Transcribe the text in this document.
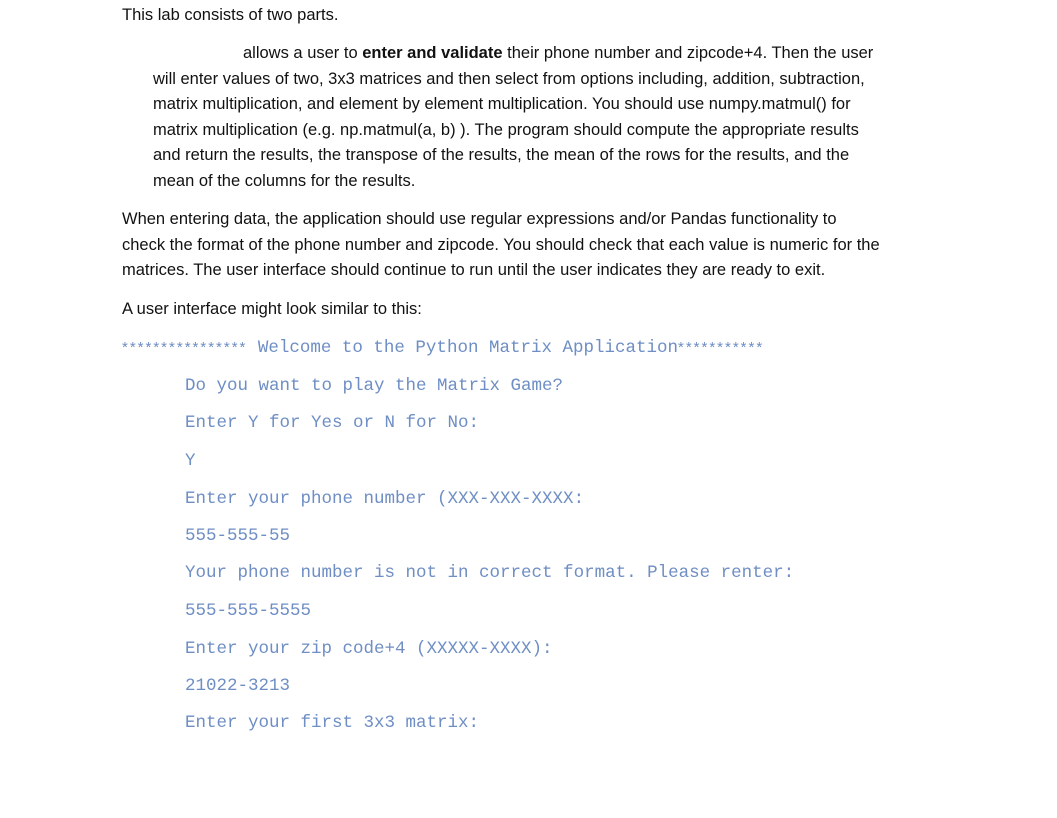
This lab consists of two parts.

allows a user to enter and validate their phone number and zipcode+4. Then the user
will enter values of two, 3x3 matrices and then select from options including, addition, subtraction,
matrix multiplication, and element by element multiplication. You should use numpy.matmul() for
matrix multiplication (e.g. np.matmul(a, b) ). The program should compute the appropriate results
and return the results, the transpose of the results, the mean of the rows for the results, and the
mean of the columns for the results.
When entering data, the application should use regular expressions and/or Pandas functionality to
check the format of the phone number and zipcode. You should check that each value is numeric for the
matrices. The user interface should continue to run until the user indicates they are ready to exit.

A user interface might look similar to this:

**************** Welcome to the Python Matrix Application***********
Do you want to play the Matrix Game?
Enter Y for Yes or N for No:
Y
Enter your phone number (XXX-XXX-XXXX:
555-555-55
Your phone number is not in correct format. Please renter:
555-555-5555
Enter your zip code+4 (XXXXX-XXXX):
21022-3213
Enter your first 3x3 matrix:
